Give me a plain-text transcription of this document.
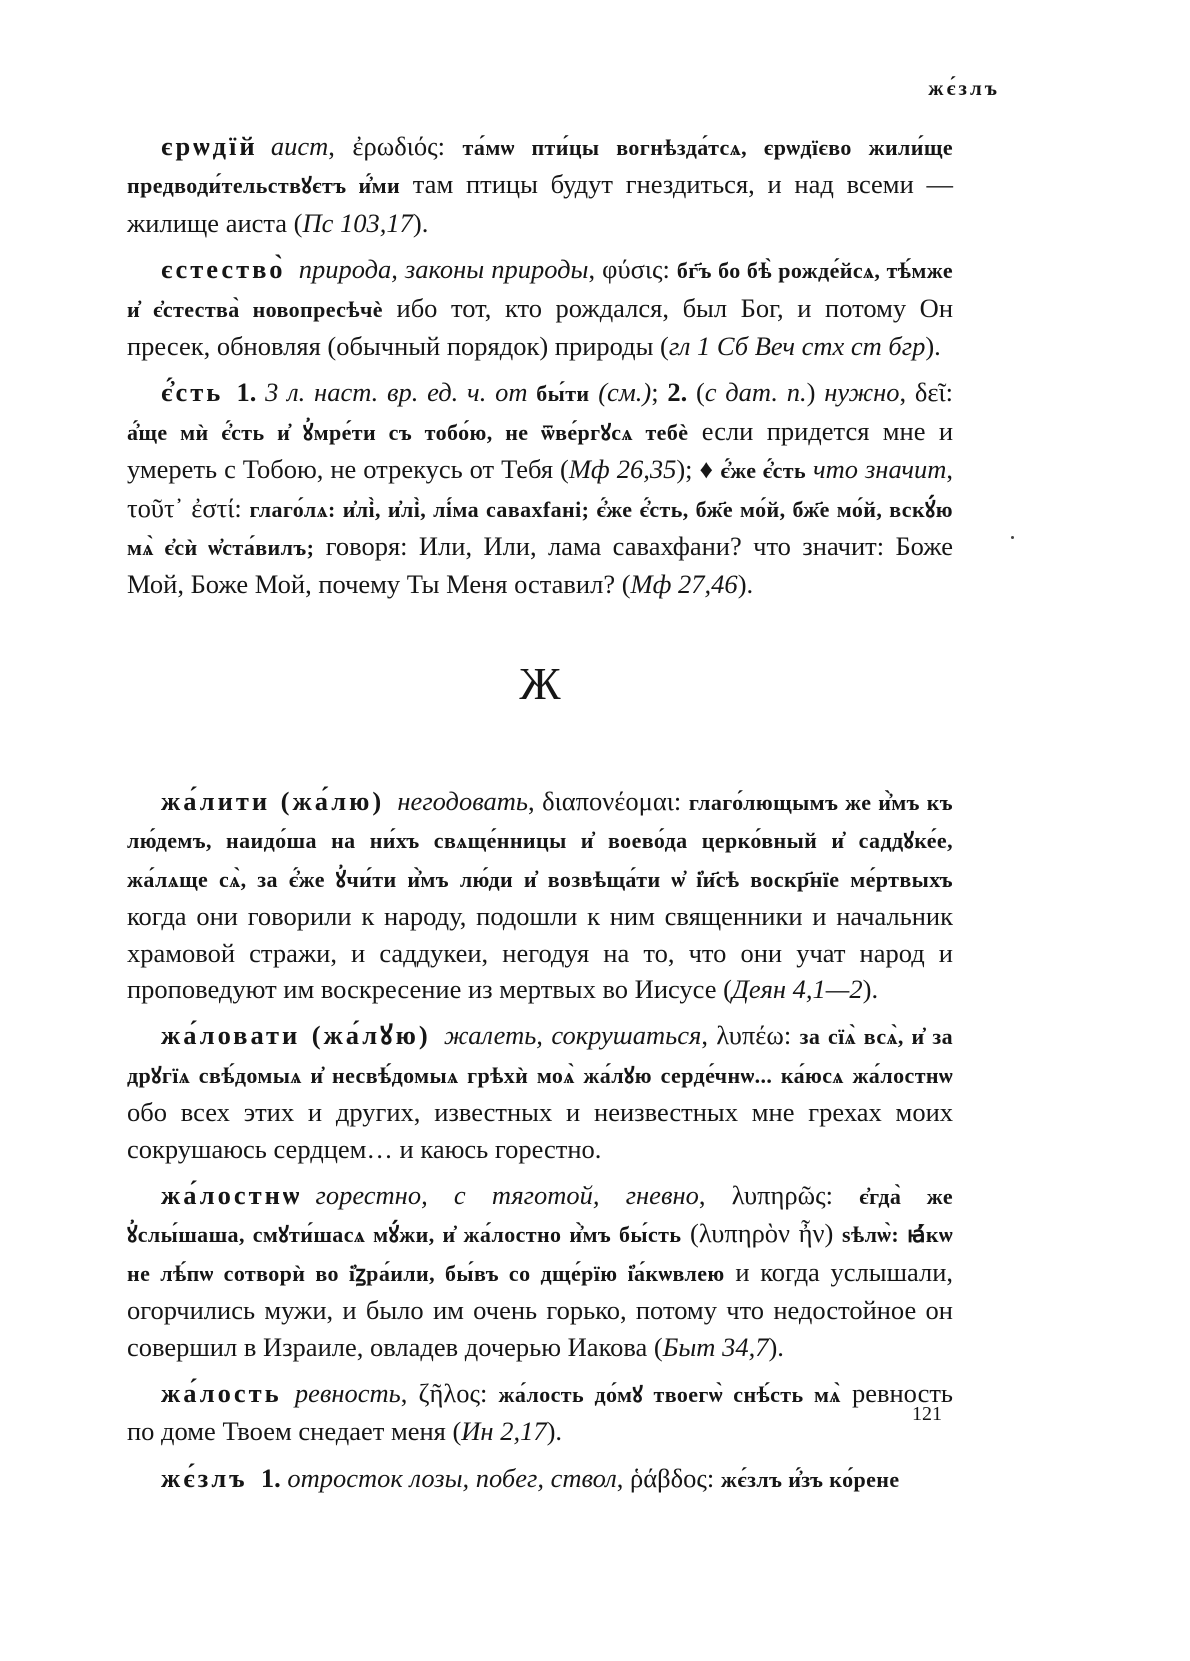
жє́злъ

єрѡдїй  аист, ἐρωδιός: та́мѡ пти́цы вогнѣзда́тсѧ, єрѡдїєво жили́ще предводи́тельствꙋєтъ и҆́ми там птицы будут гнездиться, и над всеми — жилище аиста (Пс 103,17).

єстество̀  природа, законы природы, φύσις: бг҃ъ бо бѣ̀ рожде́йсѧ, тѣ́мже и҆ є҆стества̀ новопресѣчѐ ибо тот, кто рождался, был Бог, и потому Он пресек, обновляя (обычный порядок) природы (гл 1 Сб Веч стх ст бгр).

є҆́сть  1. 3 л. наст. вр. ед. ч. от бы́ти (см.); 2. (с дат. п.) нужно, δεῖ: а҆́ще мѝ є҆́сть и҆ ꙋ҆мре́ти съ тобо́ю, не ѿве́ргꙋсѧ тебѐ если придется мне и умереть с Тобою, не отрекусь от Тебя (Мф 26,35); ♦ є҆́же є҆́сть что значит, τοῦτ᾽ ἐστί: глаго́лѧ: и҆лі̀, и҆лі̀, лі́ма савахfані; є҆́же є҆́сть, бж҃е мо́й, бж҃е мо́й, вскꙋ́ю мѧ̀ є҆сѝ ѡ҆ста́вилъ; говоря: Или, Или, лама савахфани? что значит: Боже Мой, Боже Мой, почему Ты Меня оставил? (Мф 27,46).

Ж

жа́лити (жа́лю)  негодовать, διαπονέομαι: глаго́лющымъ же и҆̀мъ къ лю́демъ, наидо́ша на ни́хъ свѧще́нницы и҆ воево́да церко́вный и҆ саддꙋке́е, жа́лѧще сѧ̀, за є҆́же ꙋ҆чи́ти и҆̀мъ лю́ди и҆ возвѣща́ти ѡ҆ і҆и҃сѣ воскр҃нїе ме́ртвыхъ когда они говорили к народу, подошли к ним священники и начальник храмовой стражи, и саддукеи, негодуя на то, что они учат народ и проповедуют им воскресение из мертвых во Иисусе (Деян 4,1—2).

жа́ловати (жа́лꙋю)  жалеть, сокрушаться, λυπέω: за сїѧ̀ всѧ̀, и҆ за дрꙋгїѧ свѣ́домыѧ и҆ несвѣ́домыѧ грѣхѝ моѧ̀ жа́лꙋю серде́чнѡ... ка́юсѧ жа́лостнѡ обо всех этих и других, известных и неизвестных мне грехах моих сокрушаюсь сердцем… и каюсь горестно.

жа́лостнѡ  горестно, с тяготой, гневно, λυπηρῶς: є҆гда̀ же ꙋ҆слы́шаша, смꙋти́шасѧ мꙋ́жи, и҆ жа́лостно и҆̀мъ бы́сть (λυπηρὸν ἦν) ѕѣлѡ̀: ꙗ҆́кѡ не лѣ́пѡ сотворѝ во і҆ꙁра́или, бы́въ со дще́рїю і҆а́кѡвлею и когда услышали, огорчились мужи, и было им очень горько, потому что недостойное он совершил в Израиле, овладев дочерью Иакова (Быт 34,7).

жа́лость  ревность, ζῆλος: жа́лость до́мꙋ твоегѡ̀ снѣ́сть мѧ̀ ревность по доме Твоем снедает меня (Ин 2,17).

жє́злъ  1. отросток лозы, побег, ствол, ῥάβδος: жє́злъ и҆́зъ ко́рене

121
